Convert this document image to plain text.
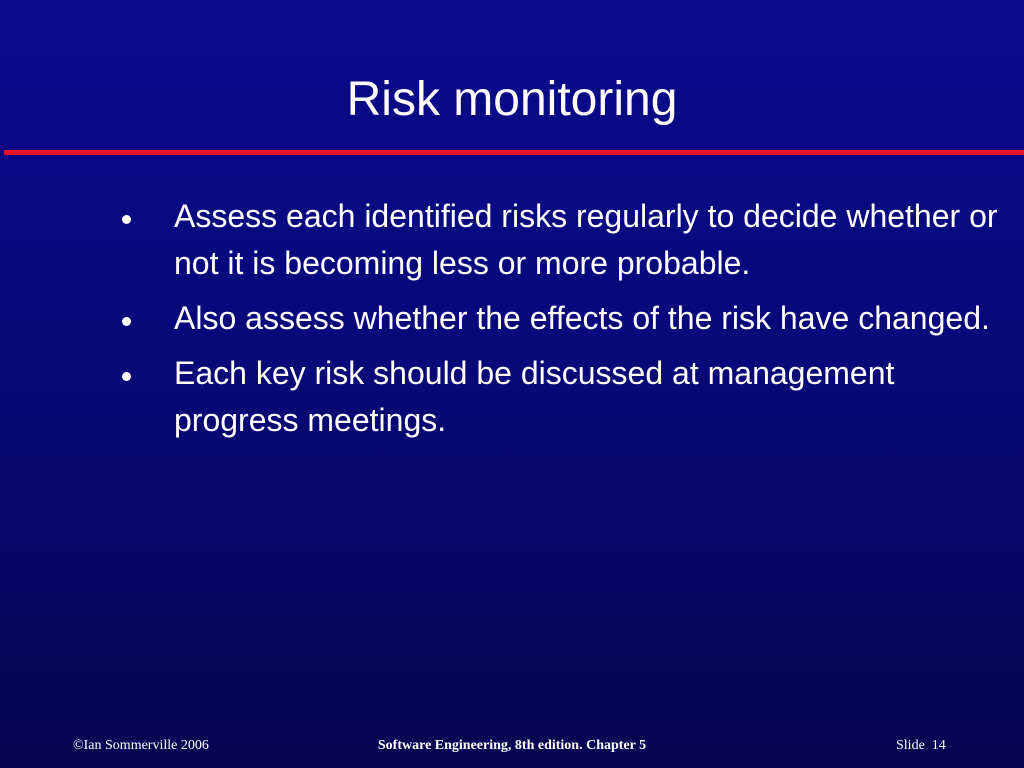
Risk monitoring
Assess each identified risks regularly to decide whether or not it is becoming less or more probable.
Also assess whether the effects of the risk have changed.
Each key risk should be discussed at management progress meetings.
©Ian Sommerville 2006	Software Engineering, 8th edition. Chapter 5	Slide  14
